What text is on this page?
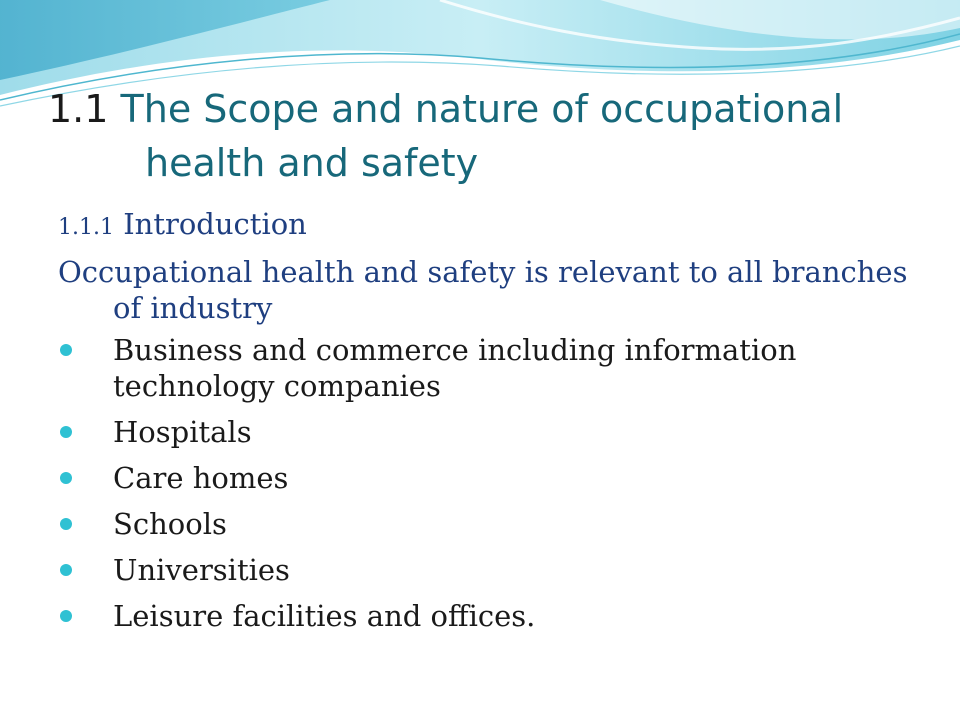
1.1 The Scope and nature of occupational
health and safety
1.1.1 Introduction
Occupational health and safety is relevant to all branches of industry
Business and commerce including information technology companies
Hospitals
Care homes
Schools
Universities
Leisure facilities and offices.
